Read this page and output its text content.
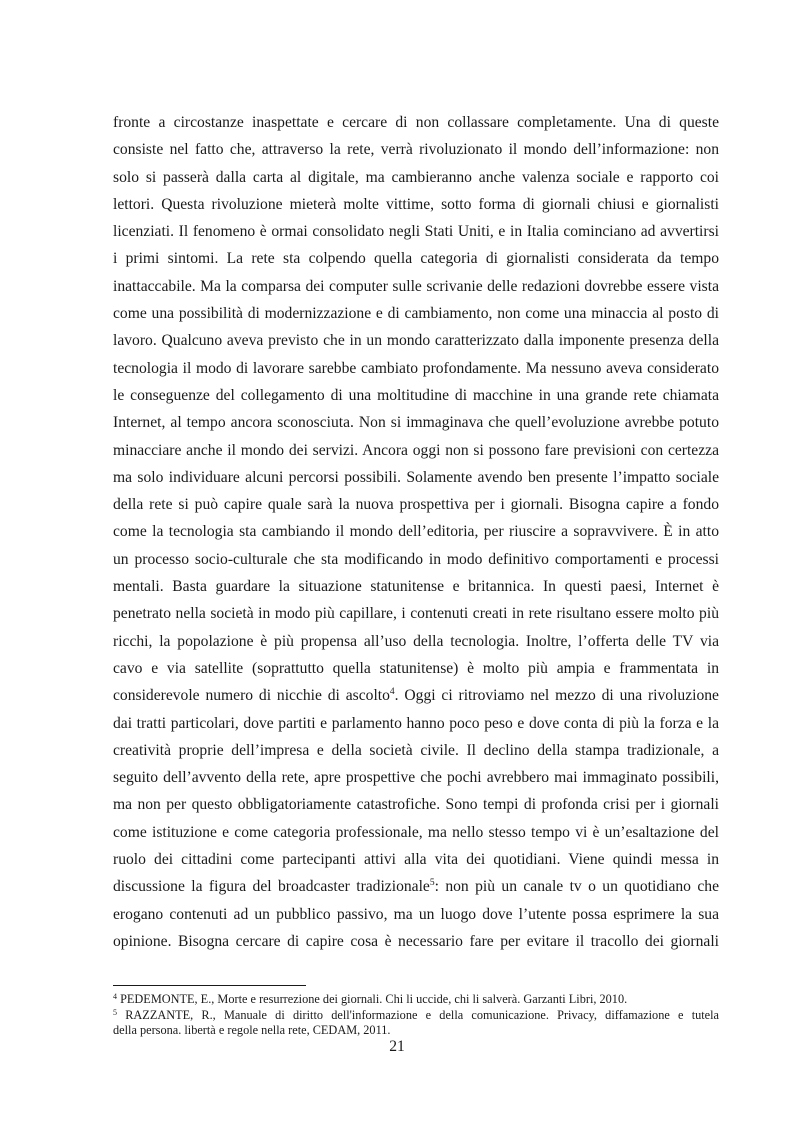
fronte a circostanze inaspettate e cercare di non collassare completamente. Una di queste
consiste nel fatto che, attraverso la rete, verrà rivoluzionato il mondo dell’informazione: non
solo si passerà dalla carta al digitale, ma cambieranno anche valenza sociale e rapporto coi
lettori. Questa rivoluzione mieterà molte vittime, sotto forma di giornali chiusi e giornalisti
licenziati. Il fenomeno è ormai consolidato negli Stati Uniti, e in Italia cominciano ad avvertirsi
i primi sintomi. La rete sta colpendo quella categoria di giornalisti considerata da tempo
inattaccabile. Ma la comparsa dei computer sulle scrivanie delle redazioni dovrebbe essere vista
come una possibilità di modernizzazione e di cambiamento, non come una minaccia al posto di
lavoro. Qualcuno aveva previsto che in un mondo caratterizzato dalla imponente presenza della
tecnologia il modo di lavorare sarebbe cambiato profondamente. Ma nessuno aveva considerato
le conseguenze del collegamento di una moltitudine di macchine in una grande rete chiamata
Internet, al tempo ancora sconosciuta. Non si immaginava che quell’evoluzione avrebbe potuto
minacciare anche il mondo dei servizi. Ancora oggi non si possono fare previsioni con certezza
ma solo individuare alcuni percorsi possibili. Solamente avendo ben presente l’impatto sociale
della rete si può capire quale sarà la nuova prospettiva per i giornali. Bisogna capire a fondo
come la tecnologia sta cambiando il mondo dell’editoria, per riuscire a sopravvivere. È in atto
un processo socio-culturale che sta modificando in modo definitivo comportamenti e processi
mentali. Basta guardare la situazione statunitense e britannica. In questi paesi, Internet è
penetrato nella società in modo più capillare, i contenuti creati in rete risultano essere molto più
ricchi, la popolazione è più propensa all’uso della tecnologia. Inoltre, l’offerta delle TV via
cavo e via satellite (soprattutto quella statunitense) è molto più ampia e frammentata in
considerevole numero di nicchie di ascolto$^4$. Oggi ci ritroviamo nel mezzo di una rivoluzione
dai tratti particolari, dove partiti e parlamento hanno poco peso e dove conta di più la forza e la
creatività proprie dell’impresa e della società civile. Il declino della stampa tradizionale, a
seguito dell’avvento della rete, apre prospettive che pochi avrebbero mai immaginato possibili,
ma non per questo obbligatoriamente catastrofiche. Sono tempi di profonda crisi per i giornali
come istituzione e come categoria professionale, ma nello stesso tempo vi è un’esaltazione del
ruolo dei cittadini come partecipanti attivi alla vita dei quotidiani. Viene quindi messa in
discussione la figura del broadcaster tradizionale$^5$: non più un canale tv o un quotidiano che
erogano contenuti ad un pubblico passivo, ma un luogo dove l’utente possa esprimere la sua
opinione. Bisogna cercare di capire cosa è necessario fare per evitare il tracollo dei giornali
$^4$ PEDEMONTE, E., Morte e resurrezione dei giornali. Chi li uccide, chi li salverà. Garzanti Libri, 2010.
$^5$ RAZZANTE, R., Manuale di diritto dell'informazione e della comunicazione. Privacy, diffamazione e tutela
della persona. libertà e regole nella rete, CEDAM, 2011.
21
